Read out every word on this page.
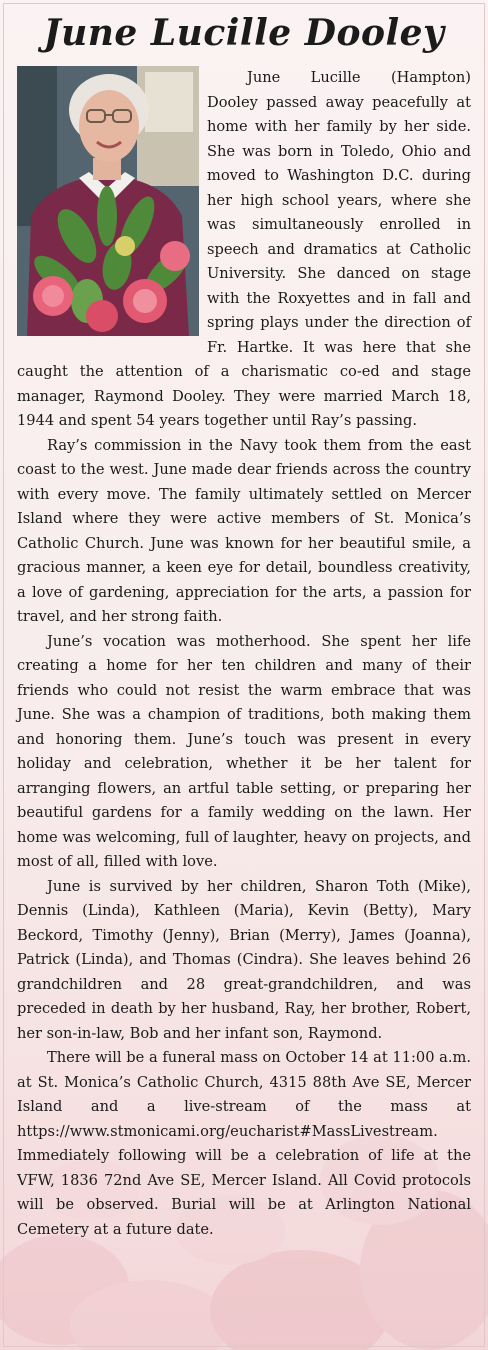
June Lucille Dooley

June Lucille (Hampton) Dooley passed away peacefully at home with her family by her side. She was born in Toledo, Ohio and moved to Washington D.C. during her high school years, where she was simultaneously enrolled in speech and dramatics at Catholic University. She danced on stage with the Roxyettes and in fall and spring plays under the direction of Fr. Hartke. It was here that she caught the attention of a charismatic co-ed and stage manager, Raymond Dooley. They were married March 18, 1944 and spent 54 years together until Ray’s passing.

Ray’s commission in the Navy took them from the east coast to the west. June made dear friends across the country with every move. The family ultimately settled on Mercer Island where they were active members of St. Monica’s Catholic Church. June was known for her beautiful smile, a gracious manner, a keen eye for detail, boundless creativity, a love of gardening, appreciation for the arts, a passion for travel, and her strong faith.

June’s vocation was motherhood. She spent her life creating a home for her ten children and many of their friends who could not resist the warm embrace that was June. She was a champion of traditions, both making them and honoring them. June’s touch was present in every holiday and celebration, whether it be her talent for arranging flowers, an artful table setting, or preparing her beautiful gardens for a family wedding on the lawn. Her home was welcoming, full of laughter, heavy on projects, and most of all, filled with love.

June is survived by her children, Sharon Toth (Mike), Dennis (Linda), Kathleen (Maria), Kevin (Betty), Mary Beckord, Timothy (Jenny), Brian (Merry), James (Joanna), Patrick (Linda), and Thomas (Cindra). She leaves behind 26 grandchildren and 28 great-grandchildren, and was preceded in death by her husband, Ray, her brother, Robert, her son-in-law, Bob and her infant son, Raymond.

There will be a funeral mass on October 14 at 11:00 a.m. at St. Monica’s Catholic Church, 4315 88th Ave SE, Mercer Island and a live-stream of the mass at https://www.stmonicami.org/eucharist#MassLivestream. Immediately following will be a celebration of life at the VFW, 1836 72nd Ave SE, Mercer Island. All Covid protocols will be observed. Burial will be at Arlington National Cemetery at a future date.
